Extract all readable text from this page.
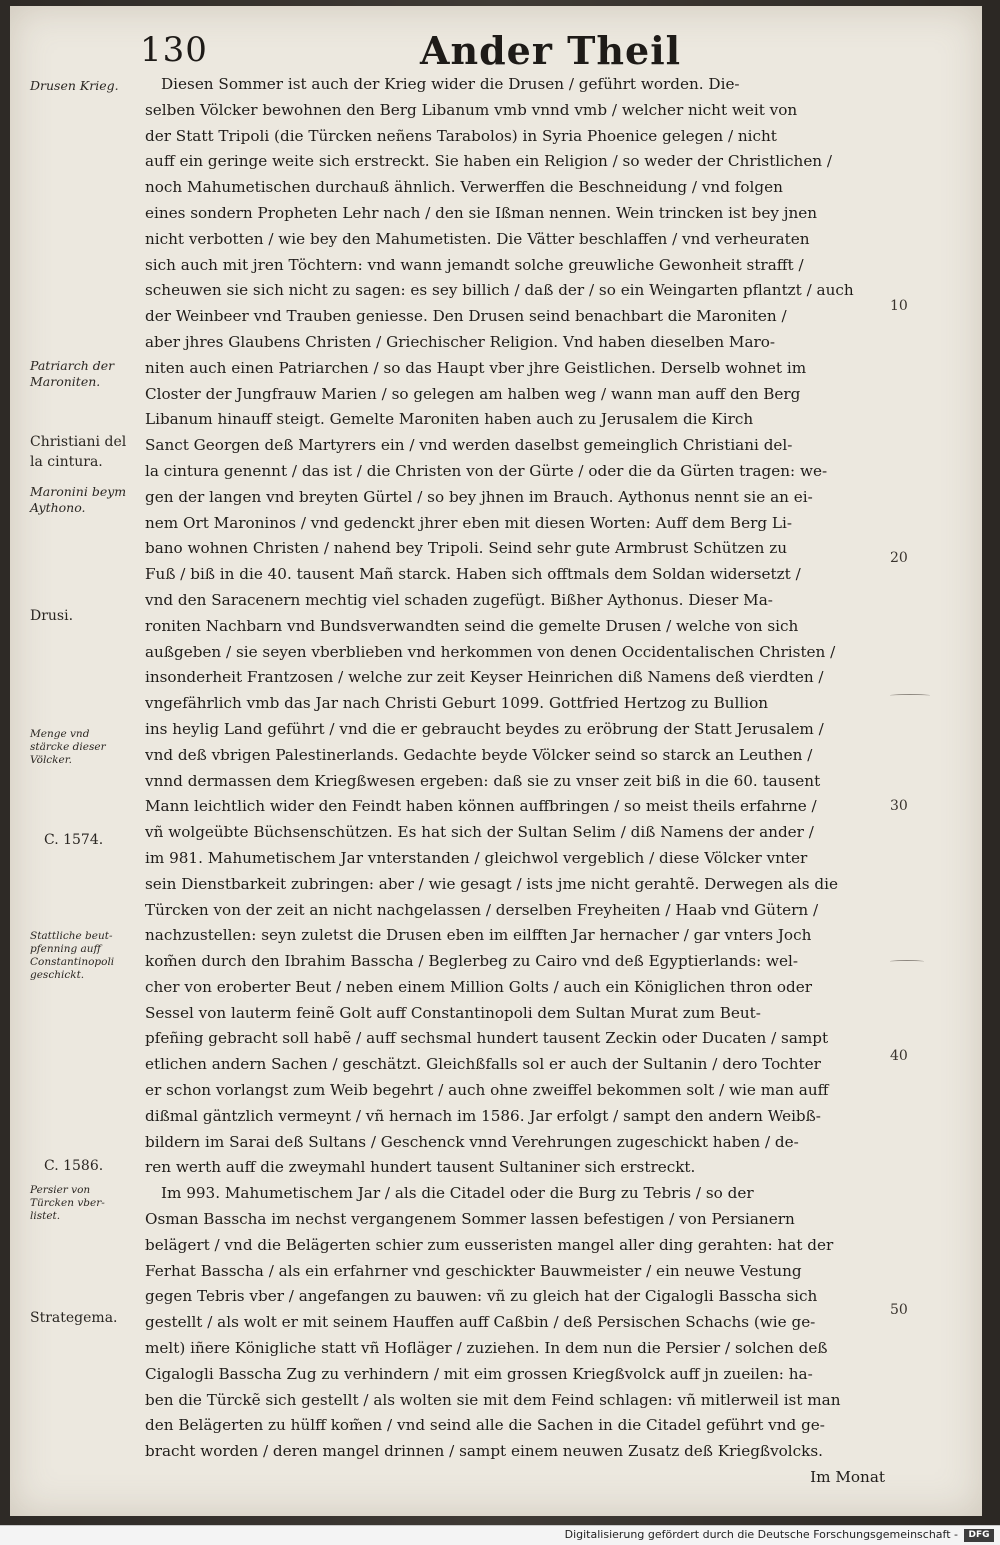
130	Ander Theil
Drusen Krieg.
Patriarch der
Maroniten.
Christiani del
la cintura.
Maronini beym
Aythono.
Drusi.
Menge vnd
stärcke dieser
Völcker.
C. 1574.
Stattliche beut-
pfenning auff
Constantinopoli
geschickt.
C. 1586.
Persier von
Türcken vber-
listet.
Strategema.
10
20
30
40
50
Diesen Sommer ist auch der Krieg wider die Drusen / geführt worden. Die-
selben Völcker bewohnen den Berg Libanum vmb vnnd vmb / welcher nicht weit von
der Statt Tripoli (die Türcken neñens Tarabolos) in Syria Phoenice gelegen / nicht
auff ein geringe weite sich erstreckt. Sie haben ein Religion / so weder der Christlichen /
noch Mahumetischen durchauß ähnlich. Verwerffen die Beschneidung / vnd folgen
eines sondern Propheten Lehr nach / den sie Ißman nennen. Wein trincken ist bey jnen
nicht verbotten / wie bey den Mahumetisten. Die Vätter beschlaffen / vnd verheuraten
sich auch mit jren Töchtern: vnd wann jemandt solche greuwliche Gewonheit strafft /
scheuwen sie sich nicht zu sagen: es sey billich / daß der / so ein Weingarten pflantzt / auch
der Weinbeer vnd Trauben geniesse. Den Drusen seind benachbart die Maroniten /
aber jhres Glaubens Christen / Griechischer Religion. Vnd haben dieselben Maro-
niten auch einen Patriarchen / so das Haupt vber jhre Geistlichen. Derselb wohnet im
Closter der Jungfrauw Marien / so gelegen am halben weg / wann man auff den Berg
Libanum hinauff steigt. Gemelte Maroniten haben auch zu Jerusalem die Kirch
Sanct Georgen deß Martyrers ein / vnd werden daselbst gemeinglich Christiani del-
la cintura genennt / das ist / die Christen von der Gürte / oder die da Gürten tragen: we-
gen der langen vnd breyten Gürtel / so bey jhnen im Brauch. Aythonus nennt sie an ei-
nem Ort Maroninos / vnd gedenckt jhrer eben mit diesen Worten: Auff dem Berg Li-
bano wohnen Christen / nahend bey Tripoli. Seind sehr gute Armbrust Schützen zu
Fuß / biß in die 40. tausent Mañ starck. Haben sich offtmals dem Soldan widersetzt /
vnd den Saracenern mechtig viel schaden zugefügt. Bißher Aythonus. Dieser Ma-
roniten Nachbarn vnd Bundsverwandten seind die gemelte Drusen / welche von sich
außgeben / sie seyen vberblieben vnd herkommen von denen Occidentalischen Christen /
insonderheit Frantzosen / welche zur zeit Keyser Heinrichen diß Namens deß vierdten /
vngefährlich vmb das Jar nach Christi Geburt 1099. Gottfried Hertzog zu Bullion
ins heylig Land geführt / vnd die er gebraucht beydes zu eröbrung der Statt Jerusalem /
vnd deß vbrigen Palestinerlands. Gedachte beyde Völcker seind so starck an Leuthen /
vnnd dermassen dem Kriegßwesen ergeben: daß sie zu vnser zeit biß in die 60. tausent
Mann leichtlich wider den Feindt haben können auffbringen / so meist theils erfahrne /
vñ wolgeübte Büchsenschützen. Es hat sich der Sultan Selim / diß Namens der ander /
im 981. Mahumetischem Jar vnterstanden / gleichwol vergeblich / diese Völcker vnter
sein Dienstbarkeit zubringen: aber / wie gesagt / ists jme nicht gerahtẽ. Derwegen als die
Türcken von der zeit an nicht nachgelassen / derselben Freyheiten / Haab vnd Gütern /
nachzustellen: seyn zuletst die Drusen eben im eilfften Jar hernacher / gar vnters Joch
kom̃en durch den Ibrahim Basscha / Beglerbeg zu Cairo vnd deß Egyptierlands: wel-
cher von eroberter Beut / neben einem Million Golts / auch ein Königlichen thron oder
Sessel von lauterm feinẽ Golt auff Constantinopoli dem Sultan Murat zum Beut-
pfeñing gebracht soll habẽ / auff sechsmal hundert tausent Zeckin oder Ducaten / sampt
etlichen andern Sachen / geschätzt. Gleichßfalls sol er auch der Sultanin / dero Tochter
er schon vorlangst zum Weib begehrt / auch ohne zweiffel bekommen solt / wie man auff
dißmal gäntzlich vermeynt / vñ hernach im 1586. Jar erfolgt / sampt den andern Weibß-
bildern im Sarai deß Sultans / Geschenck vnnd Verehrungen zugeschickt haben / de-
ren werth auff die zweymahl hundert tausent Sultaniner sich erstreckt.
Im 993. Mahumetischem Jar / als die Citadel oder die Burg zu Tebris / so der
Osman Basscha im nechst vergangenem Sommer lassen befestigen / von Persianern
belägert / vnd die Belägerten schier zum eusseristen mangel aller ding gerahten: hat der
Ferhat Basscha / als ein erfahrner vnd geschickter Bauwmeister / ein neuwe Vestung
gegen Tebris vber / angefangen zu bauwen: vñ zu gleich hat der Cigalogli Basscha sich
gestellt / als wolt er mit seinem Hauffen auff Caßbin / deß Persischen Schachs (wie ge-
melt) iñere Königliche statt vñ Hofläger / zuziehen. In dem nun die Persier / solchen deß
Cigalogli Basscha Zug zu verhindern / mit eim grossen Kriegßvolck auff jn zueilen: ha-
ben die Türckẽ sich gestellt / als wolten sie mit dem Feind schlagen: vñ mitlerweil ist man
den Belägerten zu hülff kom̃en / vnd seind alle die Sachen in die Citadel geführt vnd ge-
bracht worden / deren mangel drinnen / sampt einem neuwen Zusatz deß Kriegßvolcks.
Im Monat
Digitalisierung gefördert durch die Deutsche Forschungsgemeinschaft -	DFG
